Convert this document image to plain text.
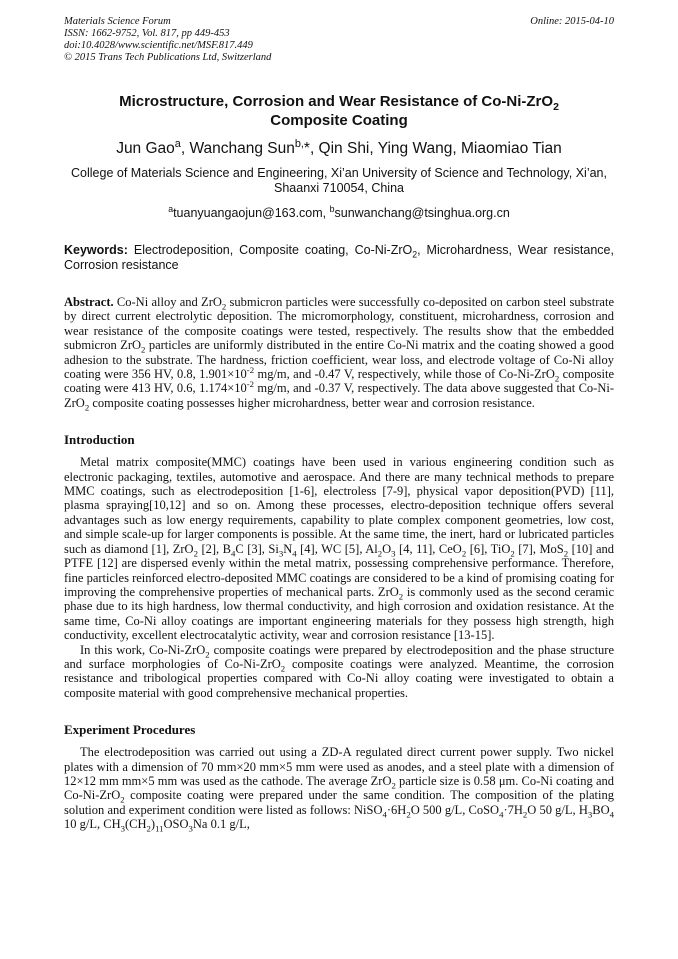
Materials Science Forum
ISSN: 1662-9752, Vol. 817, pp 449-453
doi:10.4028/www.scientific.net/MSF.817.449
© 2015 Trans Tech Publications Ltd, Switzerland
Online: 2015-04-10
Microstructure, Corrosion and Wear Resistance of Co-Ni-ZrO$_2$ Composite Coating
Jun Gao$^a$, Wanchang Sun$^{b,}$*, Qin Shi, Ying Wang, Miaomiao Tian
College of Materials Science and Engineering, Xi’an University of Science and Technology, Xi’an, Shaanxi 710054, China
$^a$tuanyuangaojun@163.com, $^b$sunwanchang@tsinghua.org.cn
Keywords: Electrodeposition, Composite coating, Co-Ni-ZrO$_2$, Microhardness, Wear resistance, Corrosion resistance

Abstract. Co-Ni alloy and ZrO$_2$ submicron particles were successfully co-deposited on carbon steel substrate by direct current electrolytic deposition. The micromorphology, constituent, microhardness, corrosion and wear resistance of the composite coatings were tested, respectively. The results show that the embedded submicron ZrO$_2$ particles are uniformly distributed in the entire Co-Ni matrix and the coating showed a good adhesion to the substrate. The hardness, friction coefficient, wear loss, and electrode voltage of Co-Ni alloy coating were 356 HV, 0.8, $1.901\times 10^{-2}$ mg/m, and -0.47 V, respectively, while those of Co-Ni-ZrO$_2$ composite coating were 413 HV, 0.6, $1.174\times 10^{-2}$ mg/m, and -0.37 V, respectively. The data above suggested that Co-Ni-ZrO$_2$ composite coating possesses higher microhardness, better wear and corrosion resistance.

Introduction

Metal matrix composite(MMC) coatings have been used in various engineering condition such as electronic packaging, textiles, automotive and aerospace. And there are many technical methods to prepare MMC coatings, such as electrodeposition [1-6], electroless [7-9], physical vapor deposition(PVD) [11], plasma spraying[10,12] and so on. Among these processes, electro-deposition technique offers several advantages such as low energy requirements, capability to plate complex component geometries, low cost, and simple scale-up for larger components is possible. At the same time, the inert, hard or lubricated particles such as diamond [1], ZrO$_2$ [2], $B_4C$ [3], $Si_3N_4$ [4], WC [5], $Al_2O_3$ [4, 11], CeO$_2$ [6], TiO$_2$ [7], MoS$_2$ [10] and PTFE [12] are dispersed evenly within the metal matrix, possessing comprehensive performance. Therefore, fine particles reinforced electro-deposited MMC coatings are considered to be a kind of promising coating for improving the comprehensive properties of mechanical parts. ZrO$_2$ is commonly used as the second ceramic phase due to its high hardness, low thermal conductivity, and high corrosion and oxidation resistance. At the same time, Co-Ni alloy coatings are important engineering materials for they possess high strength, high conductivity, excellent electrocatalytic activity, wear and corrosion resistance [13-15].

In this work, Co-Ni-ZrO$_2$ composite coatings were prepared by electrodeposition and the phase structure and surface morphologies of Co-Ni-ZrO$_2$ composite coatings were analyzed. Meantime, the corrosion resistance and tribological properties compared with Co-Ni alloy coating were investigated to obtain a composite material with good comprehensive mechanical properties.

Experiment Procedures

The electrodeposition was carried out using a ZD-A regulated direct current power supply. Two nickel plates with a dimension of 70 mm×20 mm×5 mm were used as anodes, and a steel plate with a dimension of 12×12 mm mm×5 mm was used as the cathode. The average ZrO$_2$ particle size is 0.58 μm. Co-Ni coating and Co-Ni-ZrO$_2$ composite coating were prepared under the same condition. The composition of the plating solution and experiment condition were listed as follows: $NiSO_4\cdot 6H_2O$ 500 g/L, $CoSO_4\cdot 7H_2O$ 50 g/L, $H_3BO_4$ 10 g/L, $CH_3(CH_2)_{11}OSO_3Na$ 0.1 g/L,
